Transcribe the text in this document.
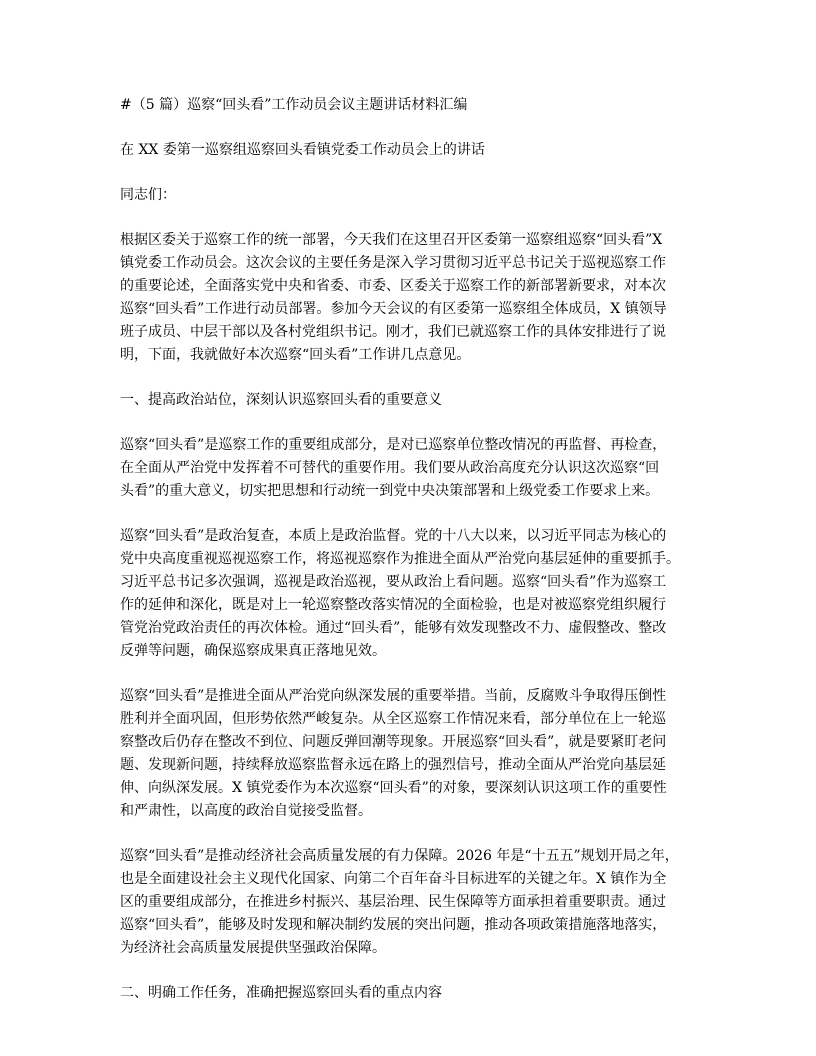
#（5 篇）巡察“回头看”工作动员会议主题讲话材料汇编

在 XX 委第一巡察组巡察回头看镇党委工作动员会上的讲话

同志们：

根据区委关于巡察工作的统一部署，今天我们在这里召开区委第一巡察组巡察“回头看”X
镇党委工作动员会。这次会议的主要任务是深入学习贯彻习近平总书记关于巡视巡察工作
的重要论述，全面落实党中央和省委、市委、区委关于巡察工作的新部署新要求，对本次
巡察“回头看”工作进行动员部署。参加今天会议的有区委第一巡察组全体成员，X 镇领导
班子成员、中层干部以及各村党组织书记。刚才，我们已就巡察工作的具体安排进行了说
明，下面，我就做好本次巡察“回头看”工作讲几点意见。

一、提高政治站位，深刻认识巡察回头看的重要意义

巡察“回头看”是巡察工作的重要组成部分，是对已巡察单位整改情况的再监督、再检查，
在全面从严治党中发挥着不可替代的重要作用。我们要从政治高度充分认识这次巡察“回
头看”的重大意义，切实把思想和行动统一到党中央决策部署和上级党委工作要求上来。
巡察“回头看”是政治复查，本质上是政治监督。党的十八大以来，以习近平同志为核心的
党中央高度重视巡视巡察工作，将巡视巡察作为推进全面从严治党向基层延伸的重要抓手。
习近平总书记多次强调，巡视是政治巡视，要从政治上看问题。巡察“回头看”作为巡察工
作的延伸和深化，既是对上一轮巡察整改落实情况的全面检验，也是对被巡察党组织履行
管党治党政治责任的再次体检。通过“回头看”，能够有效发现整改不力、虚假整改、整改
反弹等问题，确保巡察成果真正落地见效。
巡察“回头看”是推进全面从严治党向纵深发展的重要举措。当前，反腐败斗争取得压倒性
胜利并全面巩固，但形势依然严峻复杂。从全区巡察工作情况来看，部分单位在上一轮巡
察整改后仍存在整改不到位、问题反弹回潮等现象。开展巡察“回头看”，就是要紧盯老问
题、发现新问题，持续释放巡察监督永远在路上的强烈信号，推动全面从严治党向基层延
伸、向纵深发展。X 镇党委作为本次巡察“回头看”的对象，要深刻认识这项工作的重要性
和严肃性，以高度的政治自觉接受监督。
巡察“回头看”是推动经济社会高质量发展的有力保障。2026 年是“十五五”规划开局之年，
也是全面建设社会主义现代化国家、向第二个百年奋斗目标进军的关键之年。X 镇作为全
区的重要组成部分，在推进乡村振兴、基层治理、民生保障等方面承担着重要职责。通过
巡察“回头看”，能够及时发现和解决制约发展的突出问题，推动各项政策措施落地落实，
为经济社会高质量发展提供坚强政治保障。

二、明确工作任务，准确把握巡察回头看的重点内容
